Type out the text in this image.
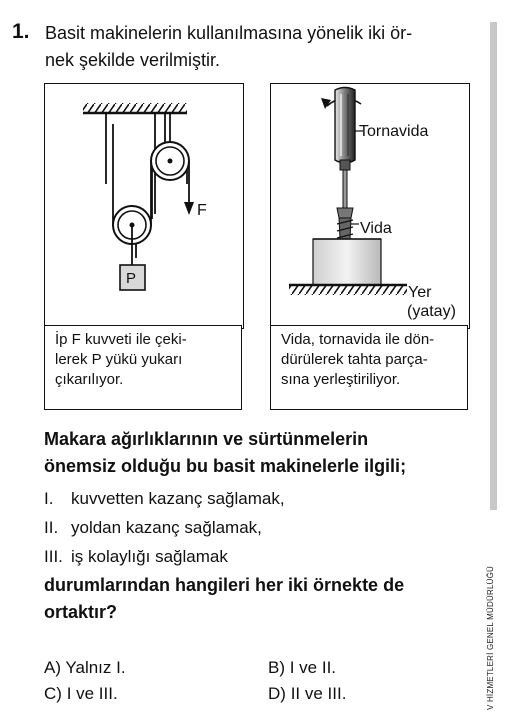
1. Basit makinelerin kullanılmasına yönelik iki ör-
nek şekilde verilmiştir.
F
P
İp F kuvveti ile çeki-
lerek P yükü yukarı
çıkarılıyor.
Tornavida
Vida
Yer
(yatay)
Vida, tornavida ile dön-
dürülerek tahta parça-
sına yerleştiriliyor.
Makara ağırlıklarının ve sürtünmelerin
önemsiz olduğu bu basit makinelerle ilgili;
I. kuvvetten kazanç sağlamak,
II. yoldan kazanç sağlamak,
III. iş kolaylığı sağlamak
durumlarından hangileri her iki örnekte de
ortaktır?
A) Yalnız I.	B) I ve II.
C) I ve III.	D) II ve III.	V HİZMETLERİ GENEL MÜDÜRLÜĞÜ
